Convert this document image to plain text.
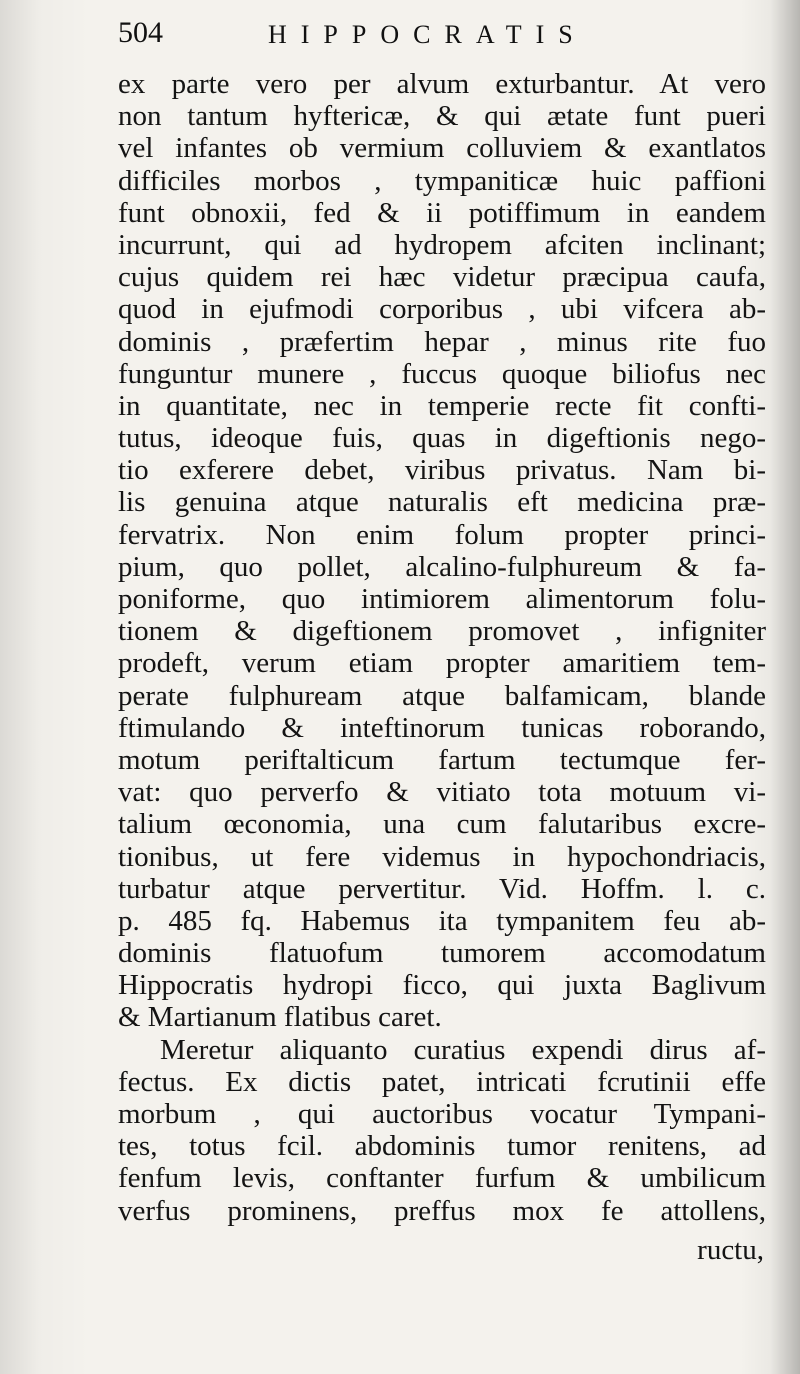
504	HIPPOCRATIS
ex parte vero per alvum exturbantur. At vero
non tantum hyftericæ, & qui ætate funt pueri
vel infantes ob vermium colluviem & exantlatos
difficiles morbos , tympaniticæ huic paffioni
funt obnoxii, fed & ii potiffimum in eandem
incurrunt, qui ad hydropem afciten inclinant;
cujus quidem rei hæc videtur præcipua caufa,
quod in ejufmodi corporibus , ubi vifcera ab-
dominis , præfertim hepar , minus rite fuo
funguntur munere , fuccus quoque biliofus nec
in quantitate, nec in temperie recte fit confti-
tutus, ideoque fuis, quas in digeftionis nego-
tio exferere debet, viribus privatus. Nam bi-
lis genuina atque naturalis eft medicina præ-
fervatrix. Non enim folum propter princi-
pium, quo pollet, alcalino-fulphureum & fa-
poniforme, quo intimiorem alimentorum folu-
tionem & digeftionem promovet , infigniter
prodeft, verum etiam propter amaritiem tem-
perate fulphuream atque balfamicam, blande
ftimulando & inteftinorum tunicas roborando,
motum periftalticum fartum tectumque fer-
vat: quo perverfo & vitiato tota motuum vi-
talium œconomia, una cum falutaribus excre-
tionibus, ut fere videmus in hypochondriacis,
turbatur atque pervertitur. Vid. Hoffm. l. c.
p. 485 fq. Habemus ita tympanitem feu ab-
dominis flatuofum tumorem accomodatum
Hippocratis hydropi ficco, qui juxta Baglivum
& Martianum flatibus caret.
Meretur aliquanto curatius expendi dirus af-
fectus. Ex dictis patet, intricati fcrutinii effe
morbum , qui auctoribus vocatur Tympani-
tes, totus fcil. abdominis tumor renitens, ad
fenfum levis, conftanter furfum & umbilicum
verfus prominens, preffus mox fe attollens,
ructu,
